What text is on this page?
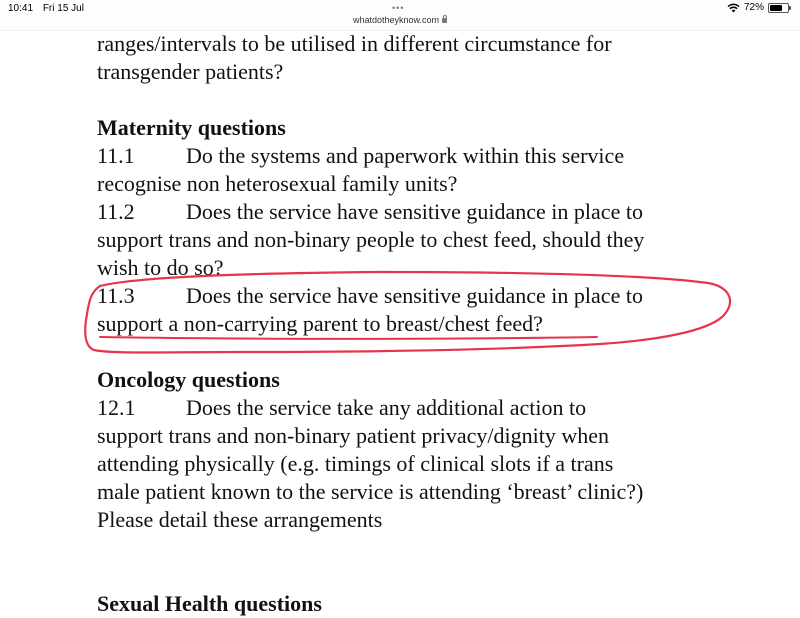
10:41 Fri 15 Jul	•••
whatdotheyknow.com
72%

ranges/intervals to be utilised in different circumstance for

transgender patients?

Maternity questions

11.1 Do the systems and paperwork within this service

recognise non heterosexual family units?

11.2 Does the service have sensitive guidance in place to

support trans and non-binary people to chest feed, should they

wish to do so?

11.3 Does the service have sensitive guidance in place to

support a non-carrying parent to breast/chest feed?

Oncology questions

12.1 Does the service take any additional action to

support trans and non-binary patient privacy/dignity when

attending physically (e.g. timings of clinical slots if a trans

male patient known to the service is attending ‘breast’ clinic?)

Please detail these arrangements

Sexual Health questions
